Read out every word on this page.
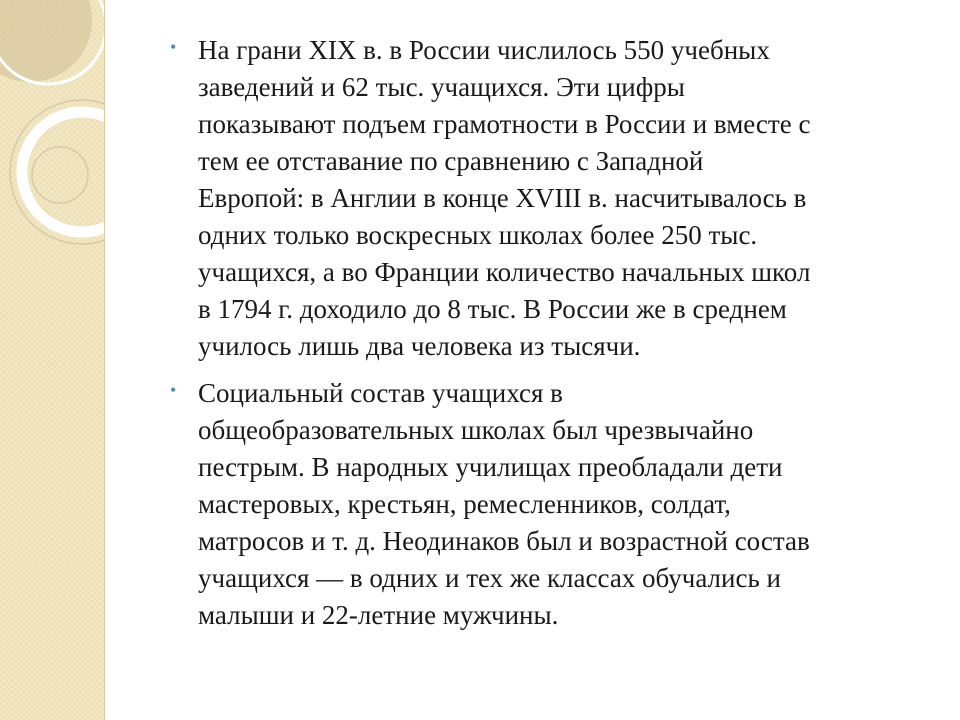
• На грани XIX в. в России числилось 550 учебных
заведений и 62 тыс. учащихся. Эти цифры
показывают подъем грамотности в России и вместе с
тем ее отставание по сравнению с Западной
Европой: в Англии в конце XVIII в. насчитывалось в
одних только воскресных школах более 250 тыс.
учащихся, а во Франции количество начальных школ
в 1794 г. доходило до 8 тыс. В России же в среднем
училось лишь два человека из тысячи.
• Социальный состав учащихся в
общеобразовательных школах был чрезвычайно
пестрым. В народных училищах преобладали дети
мастеровых, крестьян, ремесленников, солдат,
матросов и т. д. Неодинаков был и возрастной состав
учащихся — в одних и тех же классах обучались и
малыши и 22-летние мужчины.
